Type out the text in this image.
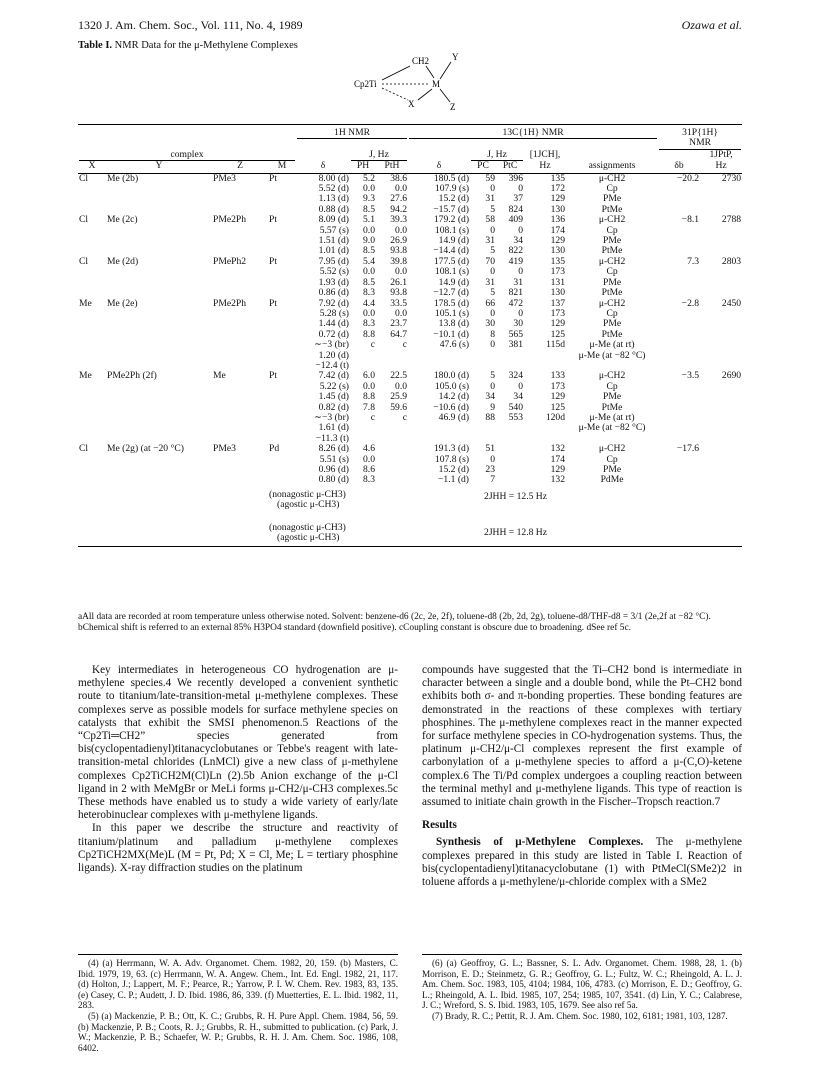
1320 J. Am. Chem. Soc., Vol. 111, No. 4, 1989	Ozawa et al.
Table I. NMR Data for the μ-Methylene Complexes
CH2	Y
Cp2Ti	M
X	Z

				1H NMR			13C{1H} NMR					31P{1H}
NMR	

complex					J, Hz			J, Hz		[1JCH],			1JPtP,
X	Y	Z	M	δ	PH	PtH	δ	PC	PtC	Hz	assignments	δb	Hz
Cl	Me (2b)	PMe3	Pt	8.00 (d)	5.2	38.6	180.5 (d)	59	396	135	μ-CH2	−20.2	2730
				5.52 (d)	0.0	0.0	107.9 (s)	0	0	172	Cp		
				1.13 (d)	9.3	27.6	15.2 (d)	31	37	129	PMe		
				0.88 (d)	8.5	94.2	−15.7 (d)	5	824	130	PtMe		
Cl	Me (2c)	PMe2Ph	Pt	8.09 (d)	5.1	39.3	179.2 (d)	58	409	136	μ-CH2	−8.1	2788
				5.57 (s)	0.0	0.0	108.1 (s)	0	0	174	Cp		
				1.51 (d)	9.0	26.9	14.9 (d)	31	34	129	PMe		
				1.01 (d)	8.5	93.8	−14.4 (d)	5	822	130	PtMe		
Cl	Me (2d)	PMePh2	Pt	7.95 (d)	5.4	39.8	177.5 (d)	70	419	135	μ-CH2	7.3	2803
				5.52 (s)	0.0	0.0	108.1 (s)	0	0	173	Cp		
				1.93 (d)	8.5	26.1	14.9 (d)	31	31	131	PMe		
				0.86 (d)	8.3	93.8	−12.7 (d)	5	821	130	PtMe		
Me	Me (2e)	PMe2Ph	Pt	7.92 (d)	4.4	33.5	178.5 (d)	66	472	137	μ-CH2	−2.8	2450
				5.28 (s)	0.0	0.0	105.1 (s)	0	0	173	Cp		
				1.44 (d)	8.3	23.7	13.8 (d)	30	30	129	PMe		
				0.72 (d)	8.8	64.7	−10.1 (d)	8	565	125	PtMe		
				∼−3 (br)	c	c	47.6 (s)	0	381	115d	μ-Me (at rt)		
				1.20 (d)							μ-Me (at −82 °C)		
				−12.4 (t)									
Me	PMe2Ph (2f)	Me	Pt	7.42 (d)	6.0	22.5	180.0 (d)	5	324	133	μ-CH2	−3.5	2690
				5.22 (s)	0.0	0.0	105.0 (s)	0	0	173	Cp		
				1.45 (d)	8.8	25.9	14.2 (d)	34	34	129	PMe		
				0.82 (d)	7.8	59.6	−10.6 (d)	9	540	125	PtMe		
				∼−3 (br)	c	c	46.9 (d)	88	553	120d	μ-Me (at rt)		
				1.61 (d)							μ-Me (at −82 °C)		
				−11.3 (t)									
Cl	Me (2g) (at −20 °C)	PMe3	Pd	8.26 (d)	4.6		191.3 (d)	51		132	μ-CH2	−17.6	
				5.51 (s)	0.0		107.8 (s)	0		174	Cp		
				0.96 (d)	8.6		15.2 (d)	23		129	PMe		
				0.80 (d)	8.3		−1.1 (d)	7		132	PdMe		

			(nonagostic μ-CH3)
(agostic μ-CH3)					2JHH = 12.5 Hz					

			(nonagostic μ-CH3)
(agostic μ-CH3)					2JHH = 12.8 Hz					
aAll data are recorded at room temperature unless otherwise noted. Solvent: benzene-d6 (2c, 2e, 2f), toluene-d8 (2b, 2d, 2g), toluene-d8/THF-d8 = 3/1 (2e,2f at −82 °C). bChemical shift is referred to an external 85% H3PO4 standard (downfield positive). cCoupling constant is obscure due to broadening. dSee ref 5c.

Key intermediates in heterogeneous CO hydrogenation are μ-methylene species.4 We recently developed a convenient synthetic route to titanium/late-transition-metal μ-methylene complexes. These complexes serve as possible models for surface methylene species on catalysts that exhibit the SMSI phenomenon.5 Reactions of the “Cp2Ti═CH2” species generated from bis(cyclopentadienyl)titanacyclobutanes or Tebbe's reagent with late-transition-metal chlorides (LnMCl) give a new class of μ-methylene complexes Cp2TiCH2M(Cl)Ln (2).5b Anion exchange of the μ-Cl ligand in 2 with MeMgBr or MeLi forms μ-CH2/μ-CH3 complexes.5c These methods have enabled us to study a wide variety of early/late heterobinuclear complexes with μ-methylene ligands.

In this paper we describe the structure and reactivity of titanium/platinum and palladium μ-methylene complexes Cp2TiCH2MX(Me)L (M = Pt, Pd; X = Cl, Me; L = tertiary phosphine ligands). X-ray diffraction studies on the platinum

compounds have suggested that the Ti–CH2 bond is intermediate in character between a single and a double bond, while the Pt–CH2 bond exhibits both σ- and π-bonding properties. These bonding features are demonstrated in the reactions of these complexes with tertiary phosphines. The μ-methylene complexes react in the manner expected for surface methylene species in CO-hydrogenation systems. Thus, the platinum μ-CH2/μ-Cl complexes represent the first example of carbonylation of a μ-methylene species to afford a μ-(C,O)-ketene complex.6 The Ti/Pd complex undergoes a coupling reaction between the terminal methyl and μ-methylene ligands. This type of reaction is assumed to initiate chain growth in the Fischer–Tropsch reaction.7

Results

Synthesis of μ-Methylene Complexes. The μ-methylene complexes prepared in this study are listed in Table I. Reaction of bis(cyclopentadienyl)titanacyclobutane (1) with PtMeCl(SMe2)2 in toluene affords a μ-methylene/μ-chloride complex with a SMe2

(4) (a) Herrmann, W. A. Adv. Organomet. Chem. 1982, 20, 159. (b) Masters, C. Ibid. 1979, 19, 63. (c) Herrmann, W. A. Angew. Chem., Int. Ed. Engl. 1982, 21, 117. (d) Holton, J.; Lappert, M. F.; Pearce, R.; Yarrow, P. I. W. Chem. Rev. 1983, 83, 135. (e) Casey, C. P.; Audett, J. D. Ibid. 1986, 86, 339. (f) Muetterties, E. L. Ibid. 1982, 11, 283.

(5) (a) Mackenzie, P. B.; Ott, K. C.; Grubbs, R. H. Pure Appl. Chem. 1984, 56, 59. (b) Mackenzie, P. B.; Coots, R. J.; Grubbs, R. H., submitted to publication. (c) Park, J. W.; Mackenzie, P. B.; Schaefer, W. P.; Grubbs, R. H. J. Am. Chem. Soc. 1986, 108, 6402.

(6) (a) Geoffroy, G. L.; Bassner, S. L. Adv. Organomet. Chem. 1988, 28, 1. (b) Morrison, E. D.; Steinmetz, G. R.; Geoffroy, G. L.; Fultz, W. C.; Rheingold, A. L. J. Am. Chem. Soc. 1983, 105, 4104; 1984, 106, 4783. (c) Morrison, E. D.; Geoffroy, G. L.; Rheingold, A. L. Ibid. 1985, 107, 254; 1985, 107, 3541. (d) Lin, Y. C.; Calabrese, J. C.; Wreford, S. S. Ibid. 1983, 105, 1679. See also ref 5a.

(7) Brady, R. C.; Pettit, R. J. Am. Chem. Soc. 1980, 102, 6181; 1981, 103, 1287.
